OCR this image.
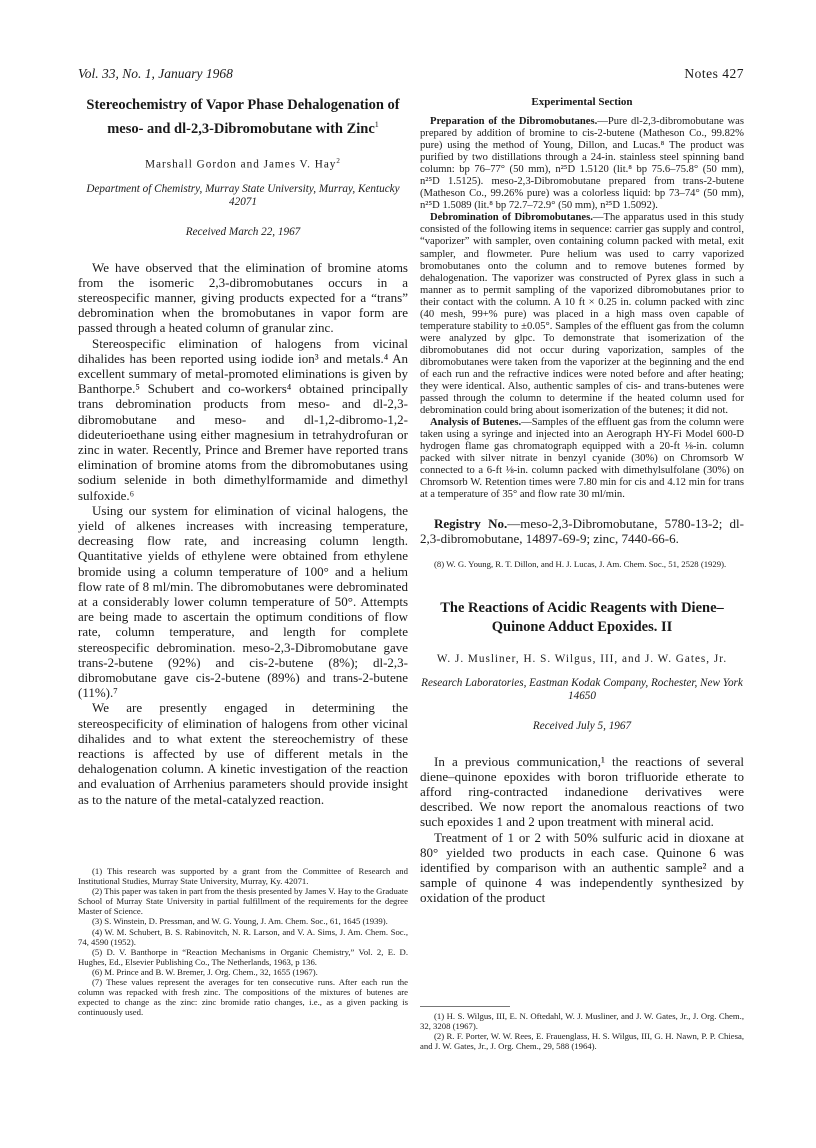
Vol. 33, No. 1, January 1968	Notes 427
Stereochemistry of Vapor Phase Dehalogenation of meso- and dl-2,3-Dibromobutane with Zinc$^1$
Marshall Gordon and James V. Hay$^2$
Department of Chemistry, Murray State University, Murray, Kentucky 42071
Received March 22, 1967

We have observed that the elimination of bromine atoms from the isomeric 2,3-dibromobutanes occurs in a stereospecific manner, giving products expected for a “trans” debromination when the bromobutanes in vapor form are passed through a heated column of granular zinc.

Stereospecific elimination of halogens from vicinal dihalides has been reported using iodide ion³ and metals.⁴ An excellent summary of metal-promoted eliminations is given by Banthorpe.⁵ Schubert and co-workers⁴ obtained principally trans debromination products from meso- and dl-2,3-dibromobutane and meso- and dl-1,2-dibromo-1,2-dideuterioethane using either magnesium in tetrahydrofuran or zinc in water. Recently, Prince and Bremer have reported trans elimination of bromine atoms from the dibromobutanes using sodium selenide in both dimethylformamide and dimethyl sulfoxide.⁶

Using our system for elimination of vicinal halogens, the yield of alkenes increases with increasing temperature, decreasing flow rate, and increasing column length. Quantitative yields of ethylene were obtained from ethylene bromide using a column temperature of 100° and a helium flow rate of 8 ml/min. The dibromobutanes were debrominated at a considerably lower column temperature of 50°. Attempts are being made to ascertain the optimum conditions of flow rate, column temperature, and length for complete stereospecific debromination. meso-2,3-Dibromobutane gave trans-2-butene (92%) and cis-2-butene (8%); dl-2,3-dibromobutane gave cis-2-butene (89%) and trans-2-butene (11%).⁷

We are presently engaged in determining the stereospecificity of elimination of halogens from other vicinal dihalides and to what extent the stereochemistry of these reactions is affected by use of different metals in the dehalogenation column. A kinetic investigation of the reaction and evaluation of Arrhenius parameters should provide insight as to the nature of the metal-catalyzed reaction.

(1) This research was supported by a grant from the Committee of Research and Institutional Studies, Murray State University, Murray, Ky. 42071.
(2) This paper was taken in part from the thesis presented by James V. Hay to the Graduate School of Murray State University in partial fulfillment of the requirements for the degree Master of Science.
(3) S. Winstein, D. Pressman, and W. G. Young, J. Am. Chem. Soc., 61, 1645 (1939).
(4) W. M. Schubert, B. S. Rabinovitch, N. R. Larson, and V. A. Sims, J. Am. Chem. Soc., 74, 4590 (1952).
(5) D. V. Banthorpe in “Reaction Mechanisms in Organic Chemistry,” Vol. 2, E. D. Hughes, Ed., Elsevier Publishing Co., The Netherlands, 1963, p 136.
(6) M. Prince and B. W. Bremer, J. Org. Chem., 32, 1655 (1967).
(7) These values represent the averages for ten consecutive runs. After each run the column was repacked with fresh zinc. The compositions of the mixtures of butenes are expected to change as the zinc: zinc bromide ratio changes, i.e., as a given packing is continuously used.
Experimental Section

Preparation of the Dibromobutanes.—Pure dl-2,3-dibromobutane was prepared by addition of bromine to cis-2-butene (Matheson Co., 99.82% pure) using the method of Young, Dillon, and Lucas.⁸ The product was purified by two distillations through a 24-in. stainless steel spinning band column: bp 76–77° (50 mm), n²⁵D 1.5120 (lit.⁸ bp 75.6–75.8° (50 mm), n²⁵D 1.5125). meso-2,3-Dibromobutane prepared from trans-2-butene (Matheson Co., 99.26% pure) was a colorless liquid: bp 73–74° (50 mm), n²⁵D 1.5089 (lit.⁸ bp 72.7–72.9° (50 mm), n²⁵D 1.5092).

Debromination of Dibromobutanes.—The apparatus used in this study consisted of the following items in sequence: carrier gas supply and control, “vaporizer” with sampler, oven containing column packed with metal, exit sampler, and flowmeter. Pure helium was used to carry vaporized bromobutanes onto the column and to remove butenes formed by dehalogenation. The vaporizer was constructed of Pyrex glass in such a manner as to permit sampling of the vaporized dibromobutanes prior to their contact with the column. A 10 ft × 0.25 in. column packed with zinc (40 mesh, 99+% pure) was placed in a high mass oven capable of temperature stability to ±0.05°. Samples of the effluent gas from the column were analyzed by glpc. To demonstrate that isomerization of the dibromobutanes did not occur during vaporization, samples of the dibromobutanes were taken from the vaporizer at the beginning and the end of each run and the refractive indices were noted before and after heating; they were identical. Also, authentic samples of cis- and trans-butenes were passed through the column to determine if the heated column used for debromination could bring about isomerization of the butenes; it did not.

Analysis of Butenes.—Samples of the effluent gas from the column were taken using a syringe and injected into an Aerograph HY-Fi Model 600-D hydrogen flame gas chromatograph equipped with a 20-ft ⅛-in. column packed with silver nitrate in benzyl cyanide (30%) on Chromsorb W connected to a 6-ft ⅛-in. column packed with dimethylsulfolane (30%) on Chromsorb W. Retention times were 7.80 min for cis and 4.12 min for trans at a temperature of 35° and flow rate 30 ml/min.

Registry No.—meso-2,3-Dibromobutane, 5780-13-2; dl-2,3-dibromobutane, 14897-69-9; zinc, 7440-66-6.
(8) W. G. Young, R. T. Dillon, and H. J. Lucas, J. Am. Chem. Soc., 51, 2528 (1929).
The Reactions of Acidic Reagents with Diene–Quinone Adduct Epoxides. II
W. J. Musliner, H. S. Wilgus, III, and J. W. Gates, Jr.
Research Laboratories, Eastman Kodak Company, Rochester, New York 14650
Received July 5, 1967

In a previous communication,¹ the reactions of several diene–quinone epoxides with boron trifluoride etherate to afford ring-contracted indanedione derivatives were described. We now report the anomalous reactions of two such epoxides 1 and 2 upon treatment with mineral acid.

Treatment of 1 or 2 with 50% sulfuric acid in dioxane at 80° yielded two products in each case. Quinone 6 was identified by comparison with an authentic sample² and a sample of quinone 4 was independently synthesized by oxidation of the product

(1) H. S. Wilgus, III, E. N. Oftedahl, W. J. Musliner, and J. W. Gates, Jr., J. Org. Chem., 32, 3208 (1967).
(2) R. F. Porter, W. W. Rees, E. Frauenglass, H. S. Wilgus, III, G. H. Nawn, P. P. Chiesa, and J. W. Gates, Jr., J. Org. Chem., 29, 588 (1964).
